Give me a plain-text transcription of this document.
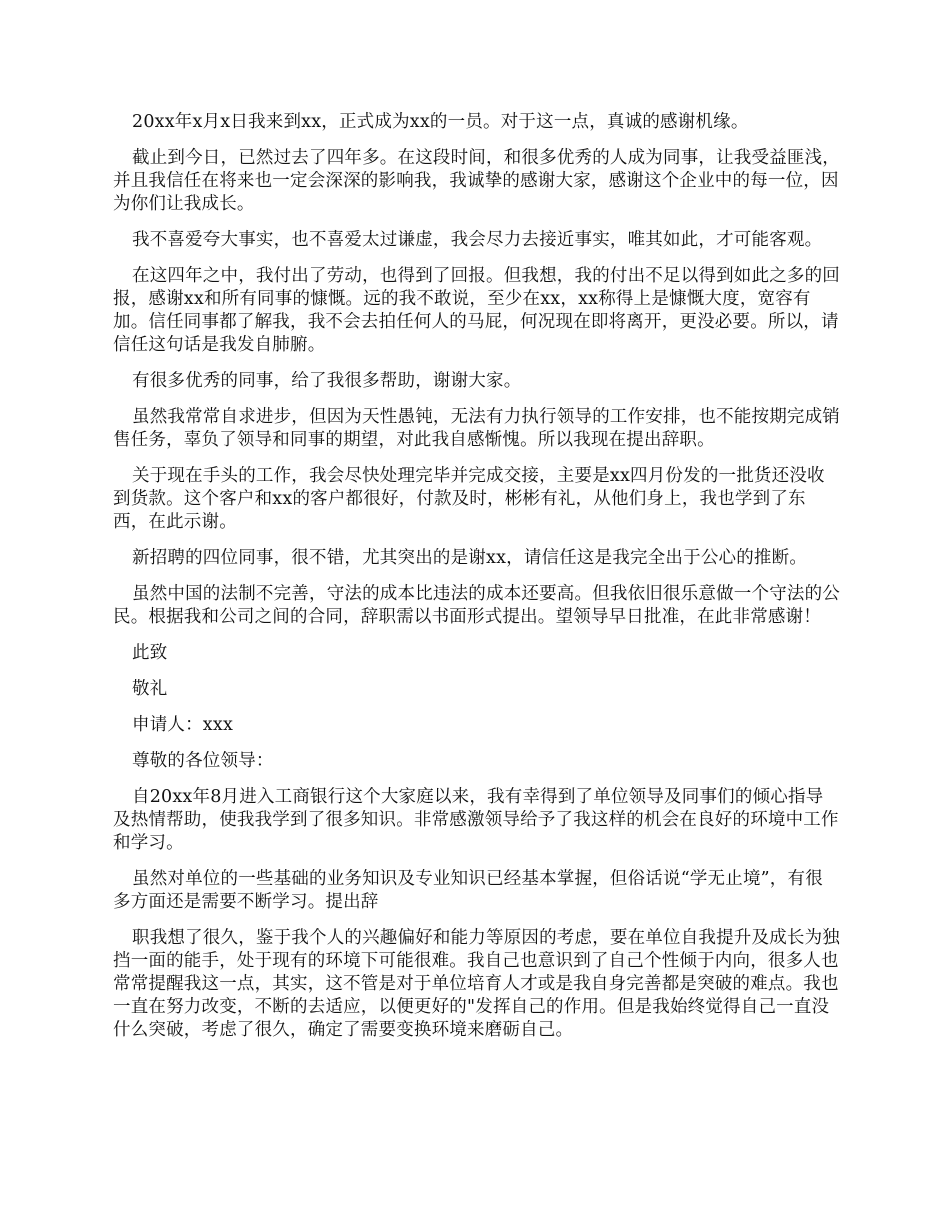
20xx年x月x日我来到xx，正式成为xx的一员。对于这一点，真诚的感谢机缘。

截止到今日，已然过去了四年多。在这段时间，和很多优秀的人成为同事，让我受益匪浅，并且我信任在将来也一定会深深的影响我，我诚挚的感谢大家，感谢这个企业中的每一位，因为你们让我成长。

我不喜爱夸大事实，也不喜爱太过谦虚，我会尽力去接近事实，唯其如此，才可能客观。

在这四年之中，我付出了劳动，也得到了回报。但我想，我的付出不足以得到如此之多的回报，感谢xx和所有同事的慷慨。远的我不敢说，至少在xx，xx称得上是慷慨大度，宽容有加。信任同事都了解我，我不会去拍任何人的马屁，何况现在即将离开，更没必要。所以，请信任这句话是我发自肺腑。

有很多优秀的同事，给了我很多帮助，谢谢大家。

虽然我常常自求进步，但因为天性愚钝，无法有力执行领导的工作安排，也不能按期完成销售任务，辜负了领导和同事的期望，对此我自感惭愧。所以我现在提出辞职。

关于现在手头的工作，我会尽快处理完毕并完成交接，主要是xx四月份发的一批货还没收到货款。这个客户和xx的客户都很好，付款及时，彬彬有礼，从他们身上，我也学到了东西，在此示谢。

新招聘的四位同事，很不错，尤其突出的是谢xx，请信任这是我完全出于公心的推断。

虽然中国的法制不完善，守法的成本比违法的成本还要高。但我依旧很乐意做一个守法的公民。根据我和公司之间的合同，辞职需以书面形式提出。望领导早日批准，在此非常感谢！

此致

敬礼

申请人：xxx

尊敬的各位领导：

自20xx年8月进入工商银行这个大家庭以来，我有幸得到了单位领导及同事们的倾心指导及热情帮助，使我我学到了很多知识。非常感激领导给予了我这样的机会在良好的环境中工作和学习。

虽然对单位的一些基础的业务知识及专业知识已经基本掌握，但俗话说“学无止境”，有很多方面还是需要不断学习。提出辞

职我想了很久，鉴于我个人的兴趣偏好和能力等原因的考虑，要在单位自我提升及成长为独挡一面的能手，处于现有的环境下可能很难。我自己也意识到了自己个性倾于内向，很多人也常常提醒我这一点，其实，这不管是对于单位培育人才或是我自身完善都是突破的难点。我也一直在努力改变，不断的去适应，以便更好的"发挥自己的作用。但是我始终觉得自己一直没什么突破，考虑了很久，确定了需要变换环境来磨砺自己。
